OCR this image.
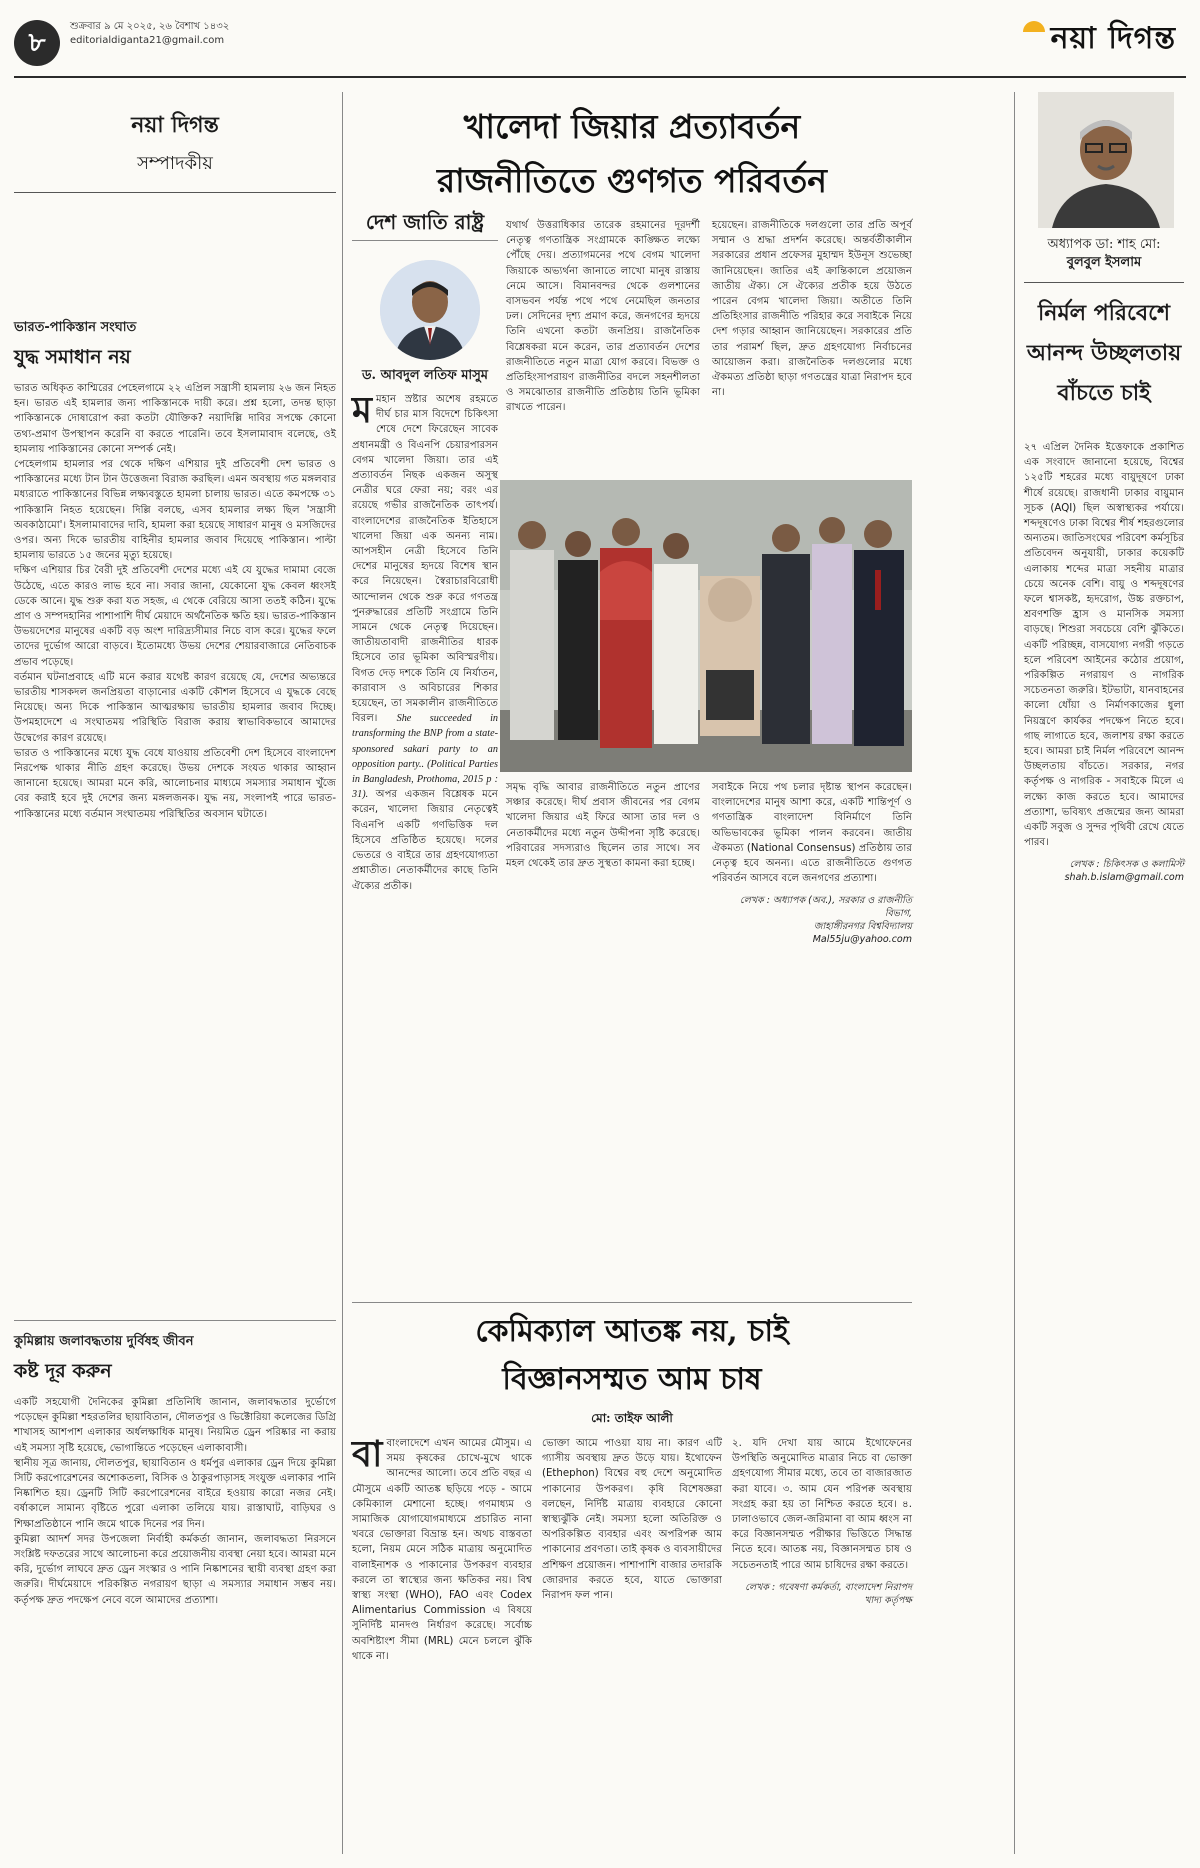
৮
শুক্রবার ৯ মে ২০২৫, ২৬ বৈশাখ ১৪৩২
editorialdiganta21@gmail.com	নয়া দিগন্ত
নয়া দিগন্ত
সম্পাদকীয়
ভারত-পাকিস্তান সংঘাত
যুদ্ধ সমাধান নয়

ভারত অধিকৃত কাশ্মিরের পেহেলগামে ২২ এপ্রিল সন্ত্রাসী হামলায় ২৬ জন নিহত হন। ভারত এই হামলার জন্য পাকিস্তানকে দায়ী করে। প্রশ্ন হলো, তদন্ত ছাড়া পাকিস্তানকে দোষারোপ করা কতটা যৌক্তিক? নয়াদিল্লি দাবির সপক্ষে কোনো তথ্য-প্রমাণ উপস্থাপন করেনি বা করতে পারেনি। তবে ইসলামাবাদ বলেছে, ওই হামলায় পাকিস্তানের কোনো সম্পর্ক নেই।

পেহেলগাম হামলার পর থেকে দক্ষিণ এশিয়ার দুই প্রতিবেশী দেশ ভারত ও পাকিস্তানের মধ্যে টান টান উত্তেজনা বিরাজ করছিল। এমন অবস্থায় গত মঙ্গলবার মধ্যরাতে পাকিস্তানের বিভিন্ন লক্ষ্যবস্তুতে হামলা চালায় ভারত। এতে কমপক্ষে ৩১ পাকিস্তানি নিহত হয়েছেন। দিল্লি বলছে, এসব হামলার লক্ষ্য ছিল 'সন্ত্রাসী অবকাঠামো'। ইসলামাবাদের দাবি, হামলা করা হয়েছে সাধারণ মানুষ ও মসজিদের ওপর। অন্য দিকে ভারতীয় বাহিনীর হামলার জবাব দিয়েছে পাকিস্তান। পাল্টা হামলায় ভারতে ১৫ জনের মৃত্যু হয়েছে।

দক্ষিণ এশিয়ার চির বৈরী দুই প্রতিবেশী দেশের মধ্যে এই যে যুদ্ধের দামামা বেজে উঠেছে, এতে কারও লাভ হবে না। সবার জানা, যেকোনো যুদ্ধ কেবল ধ্বংসই ডেকে আনে। যুদ্ধ শুরু করা যত সহজ, এ থেকে বেরিয়ে আসা ততই কঠিন। যুদ্ধে প্রাণ ও সম্পদহানির পাশাপাশি দীর্ঘ মেয়াদে অর্থনৈতিক ক্ষতি হয়। ভারত-পাকিস্তান উভয়দেশের মানুষের একটি বড় অংশ দারিদ্র্যসীমার নিচে বাস করে। যুদ্ধের ফলে তাদের দুর্ভোগ আরো বাড়বে। ইতোমধ্যে উভয় দেশের শেয়ারবাজারে নেতিবাচক প্রভাব পড়েছে।

বর্তমান ঘটনাপ্রবাহে এটি মনে করার যথেষ্ট কারণ রয়েছে যে, দেশের অভ্যন্তরে ভারতীয় শাসকদল জনপ্রিয়তা বাড়ানোর একটি কৌশল হিসেবে এ যুদ্ধকে বেছে নিয়েছে। অন্য দিকে পাকিস্তান আত্মরক্ষায় ভারতীয় হামলার জবাব দিচ্ছে। উপমহাদেশে এ সংঘাতময় পরিস্থিতি বিরাজ করায় স্বাভাবিকভাবে আমাদের উদ্বেগের কারণ রয়েছে।

ভারত ও পাকিস্তানের মধ্যে যুদ্ধ বেধে যাওয়ায় প্রতিবেশী দেশ হিসেবে বাংলাদেশ নিরপেক্ষ থাকার নীতি গ্রহণ করেছে। উভয় দেশকে সংযত থাকার আহ্বান জানানো হয়েছে। আমরা মনে করি, আলোচনার মাধ্যমে সমস্যার সমাধান খুঁজে বের করাই হবে দুই দেশের জন্য মঙ্গলজনক। যুদ্ধ নয়, সংলাপই পারে ভারত-পাকিস্তানের মধ্যে বর্তমান সংঘাতময় পরিস্থিতির অবসান ঘটাতে।

কুমিল্লায় জলাবদ্ধতায় দুর্বিষহ জীবন
কষ্ট দূর করুন

একটি সহযোগী দৈনিকের কুমিল্লা প্রতিনিধি জানান, জলাবদ্ধতার দুর্ভোগে পড়েছেন কুমিল্লা শহরতলির ছায়াবিতান, দৌলতপুর ও ভিক্টোরিয়া কলেজের ডিগ্রি শাখাসহ আশপাশ এলাকার অর্ধলক্ষাধিক মানুষ। নিয়মিত ড্রেন পরিষ্কার না করায় এই সমস্যা সৃষ্টি হয়েছে, ভোগান্তিতে পড়েছেন এলাকাবাসী।

স্থানীয় সূত্র জানায়, দৌলতপুর, ছায়াবিতান ও ধর্মপুর এলাকার ড্রেন দিয়ে কুমিল্লা সিটি করপোরেশনের অশোকতলা, বিসিক ও ঠাকুরপাড়াসহ সংযুক্ত এলাকার পানি নিষ্কাশিত হয়। ড্রেনটি সিটি করপোরেশনের বাইরে হওয়ায় কারো নজর নেই। বর্ষাকালে সামান্য বৃষ্টিতে পুরো এলাকা তলিয়ে যায়। রাস্তাঘাট, বাড়িঘর ও শিক্ষাপ্রতিষ্ঠানে পানি জমে থাকে দিনের পর দিন।

কুমিল্লা আদর্শ সদর উপজেলা নির্বাহী কর্মকর্তা জানান, জলাবদ্ধতা নিরসনে সংশ্লিষ্ট দফতরের সাথে আলোচনা করে প্রয়োজনীয় ব্যবস্থা নেয়া হবে। আমরা মনে করি, দুর্ভোগ লাঘবে দ্রুত ড্রেন সংস্কার ও পানি নিষ্কাশনের স্থায়ী ব্যবস্থা গ্রহণ করা জরুরি। দীর্ঘমেয়াদে পরিকল্পিত নগরায়ণ ছাড়া এ সমস্যার সমাধান সম্ভব নয়। কর্তৃপক্ষ দ্রুত পদক্ষেপ নেবে বলে আমাদের প্রত্যাশা।

খালেদা জিয়ার প্রত্যাবর্তন
রাজনীতিতে গুণগত পরিবর্তন
দেশ জাতি রাষ্ট্র
ড. আবদুল লতিফ মাসুম
মমহান স্রষ্টার অশেষ রহমতে দীর্ঘ চার মাস বিদেশে চিকিৎসা শেষে দেশে ফিরেছেন সাবেক প্রধানমন্ত্রী ও বিএনপি চেয়ারপারসন বেগম খালেদা জিয়া। তার এই প্রত্যাবর্তন নিছক একজন অসুস্থ নেত্রীর ঘরে ফেরা নয়; বরং এর রয়েছে গভীর রাজনৈতিক তাৎপর্য। বাংলাদেশের রাজনৈতিক ইতিহাসে খালেদা জিয়া এক অনন্য নাম। আপসহীন নেত্রী হিসেবে তিনি দেশের মানুষের হৃদয়ে বিশেষ স্থান করে নিয়েছেন। স্বৈরাচারবিরোধী আন্দোলন থেকে শুরু করে গণতন্ত্র পুনরুদ্ধারের প্রতিটি সংগ্রামে তিনি সামনে থেকে নেতৃত্ব দিয়েছেন। জাতীয়তাবাদী রাজনীতির ধারক হিসেবে তার ভূমিকা অবিস্মরণীয়। বিগত দেড় দশকে তিনি যে নির্যাতন, কারাবাস ও অবিচারের শিকার হয়েছেন, তা সমকালীন রাজনীতিতে বিরল। She succeeded in transforming the BNP from a state-sponsored sakari party to an opposition party.. (Political Parties in Bangladesh, Prothoma, 2015 p : 31). অপর একজন বিশ্লেষক মনে করেন, খালেদা জিয়ার নেতৃত্বেই বিএনপি একটি গণভিত্তিক দল হিসেবে প্রতিষ্ঠিত হয়েছে। দলের ভেতরে ও বাইরে তার গ্রহণযোগ্যতা প্রশ্নাতীত। নেতাকর্মীদের কাছে তিনি ঐক্যের প্রতীক।
যথার্থ উত্তরাধিকার তারেক রহমানের দূরদর্শী নেতৃত্ব গণতান্ত্রিক সংগ্রামকে কাঙ্ক্ষিত লক্ষ্যে পৌঁছে দেয়। প্রত্যাগমনের পথে বেগম খালেদা জিয়াকে অভ্যর্থনা জানাতে লাখো মানুষ রাস্তায় নেমে আসে। বিমানবন্দর থেকে গুলশানের বাসভবন পর্যন্ত পথে পথে নেমেছিল জনতার ঢল। সেদিনের দৃশ্য প্রমাণ করে, জনগণের হৃদয়ে তিনি এখনো কতটা জনপ্রিয়। রাজনৈতিক বিশ্লেষকরা মনে করেন, তার প্রত্যাবর্তন দেশের রাজনীতিতে নতুন মাত্রা যোগ করবে। বিভক্ত ও প্রতিহিংসাপরায়ণ রাজনীতির বদলে সহনশীলতা ও সমঝোতার রাজনীতি প্রতিষ্ঠায় তিনি ভূমিকা রাখতে পারেন।
হয়েছেন। রাজনীতিকে দলগুলো তার প্রতি অপূর্ব সম্মান ও শ্রদ্ধা প্রদর্শন করেছে। অন্তর্বর্তীকালীন সরকারের প্রধান প্রফেসর মুহাম্মদ ইউনূস শুভেচ্ছা জানিয়েছেন। জাতির এই ক্রান্তিকালে প্রয়োজন জাতীয় ঐক্য। সে ঐক্যের প্রতীক হয়ে উঠতে পারেন বেগম খালেদা জিয়া। অতীতে তিনি প্রতিহিংসার রাজনীতি পরিহার করে সবাইকে নিয়ে দেশ গড়ার আহ্বান জানিয়েছেন। সরকারের প্রতি তার পরামর্শ ছিল, দ্রুত গ্রহণযোগ্য নির্বাচনের আয়োজন করা। রাজনৈতিক দলগুলোর মধ্যে ঐকমত্য প্রতিষ্ঠা ছাড়া গণতন্ত্রের যাত্রা নিরাপদ হবে না।
সমৃদ্ধ বৃদ্ধি আবার রাজনীতিতে নতুন প্রাণের সঞ্চার করেছে। দীর্ঘ প্রবাস জীবনের পর বেগম খালেদা জিয়ার এই ফিরে আসা তার দল ও নেতাকর্মীদের মধ্যে নতুন উদ্দীপনা সৃষ্টি করেছে। পরিবারের সদস্যরাও ছিলেন তার সাথে। সব মহল থেকেই তার দ্রুত সুস্থতা কামনা করা হচ্ছে।
সবাইকে নিয়ে পথ চলার দৃষ্টান্ত স্থাপন করেছেন। বাংলাদেশের মানুষ আশা করে, একটি শান্তিপূর্ণ ও গণতান্ত্রিক বাংলাদেশ বিনির্মাণে তিনি অভিভাবকের ভূমিকা পালন করবেন। জাতীয় ঐকমত্য (National Consensus) প্রতিষ্ঠায় তার নেতৃত্ব হবে অনন্য। এতে রাজনীতিতে গুণগত পরিবর্তন আসবে বলে জনগণের প্রত্যাশা।
লেখক : অধ্যাপক (অব.), সরকার ও রাজনীতি বিভাগ,
জাহাঙ্গীরনগর বিশ্ববিদ্যালয়
Mal55ju@yahoo.com
কেমিক্যাল আতঙ্ক নয়, চাই
বিজ্ঞানসম্মত আম চাষ
মো: তাইফ আলী
বাবাংলাদেশে এখন আমের মৌসুম। এ সময় কৃষকের চোখে-মুখে থাকে আনন্দের আলো। তবে প্রতি বছর এ মৌসুমে একটি আতঙ্ক ছড়িয়ে পড়ে - আমে কেমিক্যাল মেশানো হচ্ছে। গণমাধ্যম ও সামাজিক যোগাযোগমাধ্যমে প্রচারিত নানা খবরে ভোক্তারা বিভ্রান্ত হন। অথচ বাস্তবতা হলো, নিয়ম মেনে সঠিক মাত্রায় অনুমোদিত বালাইনাশক ও পাকানোর উপকরণ ব্যবহার করলে তা স্বাস্থ্যের জন্য ক্ষতিকর নয়। বিশ্ব স্বাস্থ্য সংস্থা (WHO), FAO এবং Codex Alimentarius Commission এ বিষয়ে সুনির্দিষ্ট মানদণ্ড নির্ধারণ করেছে। সর্বোচ্চ অবশিষ্টাংশ সীমা (MRL) মেনে চললে ঝুঁকি থাকে না।
ভোক্তা আমে পাওয়া যায় না। কারণ এটি গ্যাসীয় অবস্থায় দ্রুত উড়ে যায়। ইথোফেন (Ethephon) বিশ্বের বহু দেশে অনুমোদিত পাকানোর উপকরণ। কৃষি বিশেষজ্ঞরা বলছেন, নির্দিষ্ট মাত্রায় ব্যবহারে কোনো স্বাস্থ্যঝুঁকি নেই। সমস্যা হলো অতিরিক্ত ও অপরিকল্পিত ব্যবহার এবং অপরিপক্ব আম পাকানোর প্রবণতা। তাই কৃষক ও ব্যবসায়ীদের প্রশিক্ষণ প্রয়োজন। পাশাপাশি বাজার তদারকি জোরদার করতে হবে, যাতে ভোক্তারা নিরাপদ ফল পান।
২. যদি দেখা যায় আমে ইথোফেনের উপস্থিতি অনুমোদিত মাত্রার নিচে বা ভোক্তা গ্রহণযোগ্য সীমার মধ্যে, তবে তা বাজারজাত করা যাবে। ৩. আম যেন পরিপক্ব অবস্থায় সংগ্রহ করা হয় তা নিশ্চিত করতে হবে। ৪. ঢালাওভাবে জেল-জরিমানা বা আম ধ্বংস না করে বিজ্ঞানসম্মত পরীক্ষার ভিত্তিতে সিদ্ধান্ত নিতে হবে। আতঙ্ক নয়, বিজ্ঞানসম্মত চাষ ও সচেতনতাই পারে আম চাষিদের রক্ষা করতে।
লেখক : গবেষণা কর্মকর্তা, বাংলাদেশ নিরাপদ খাদ্য কর্তৃপক্ষ
অধ্যাপক ডা: শাহ মো:
বুলবুল ইসলাম
নির্মল পরিবেশে
আনন্দ উচ্ছলতায়
বাঁচতে চাই
২৭ এপ্রিল দৈনিক ইত্তেফাকে প্রকাশিত এক সংবাদে জানানো হয়েছে, বিশ্বের ১২৫টি শহরের মধ্যে বায়ুদূষণে ঢাকা শীর্ষে রয়েছে। রাজধানী ঢাকার বায়ুমান সূচক (AQI) ছিল অস্বাস্থ্যকর পর্যায়ে। শব্দদূষণেও ঢাকা বিশ্বের শীর্ষ শহরগুলোর অন্যতম। জাতিসংঘের পরিবেশ কর্মসূচির প্রতিবেদন অনুযায়ী, ঢাকার কয়েকটি এলাকায় শব্দের মাত্রা সহনীয় মাত্রার চেয়ে অনেক বেশি। বায়ু ও শব্দদূষণের ফলে শ্বাসকষ্ট, হৃদরোগ, উচ্চ রক্তচাপ, শ্রবণশক্তি হ্রাস ও মানসিক সমস্যা বাড়ছে। শিশুরা সবচেয়ে বেশি ঝুঁকিতে। একটি পরিচ্ছন্ন, বাসযোগ্য নগরী গড়তে হলে পরিবেশ আইনের কঠোর প্রয়োগ, পরিকল্পিত নগরায়ণ ও নাগরিক সচেতনতা জরুরি। ইটভাটা, যানবাহনের কালো ধোঁয়া ও নির্মাণকাজের ধুলা নিয়ন্ত্রণে কার্যকর পদক্ষেপ নিতে হবে। গাছ লাগাতে হবে, জলাশয় রক্ষা করতে হবে। আমরা চাই নির্মল পরিবেশে আনন্দ উচ্ছলতায় বাঁচতে। সরকার, নগর কর্তৃপক্ষ ও নাগরিক - সবাইকে মিলে এ লক্ষ্যে কাজ করতে হবে। আমাদের প্রত্যাশা, ভবিষ্যৎ প্রজন্মের জন্য আমরা একটি সবুজ ও সুন্দর পৃথিবী রেখে যেতে পারব।
লেখক : চিকিৎসক ও কলামিস্ট
shah.b.islam@gmail.com
